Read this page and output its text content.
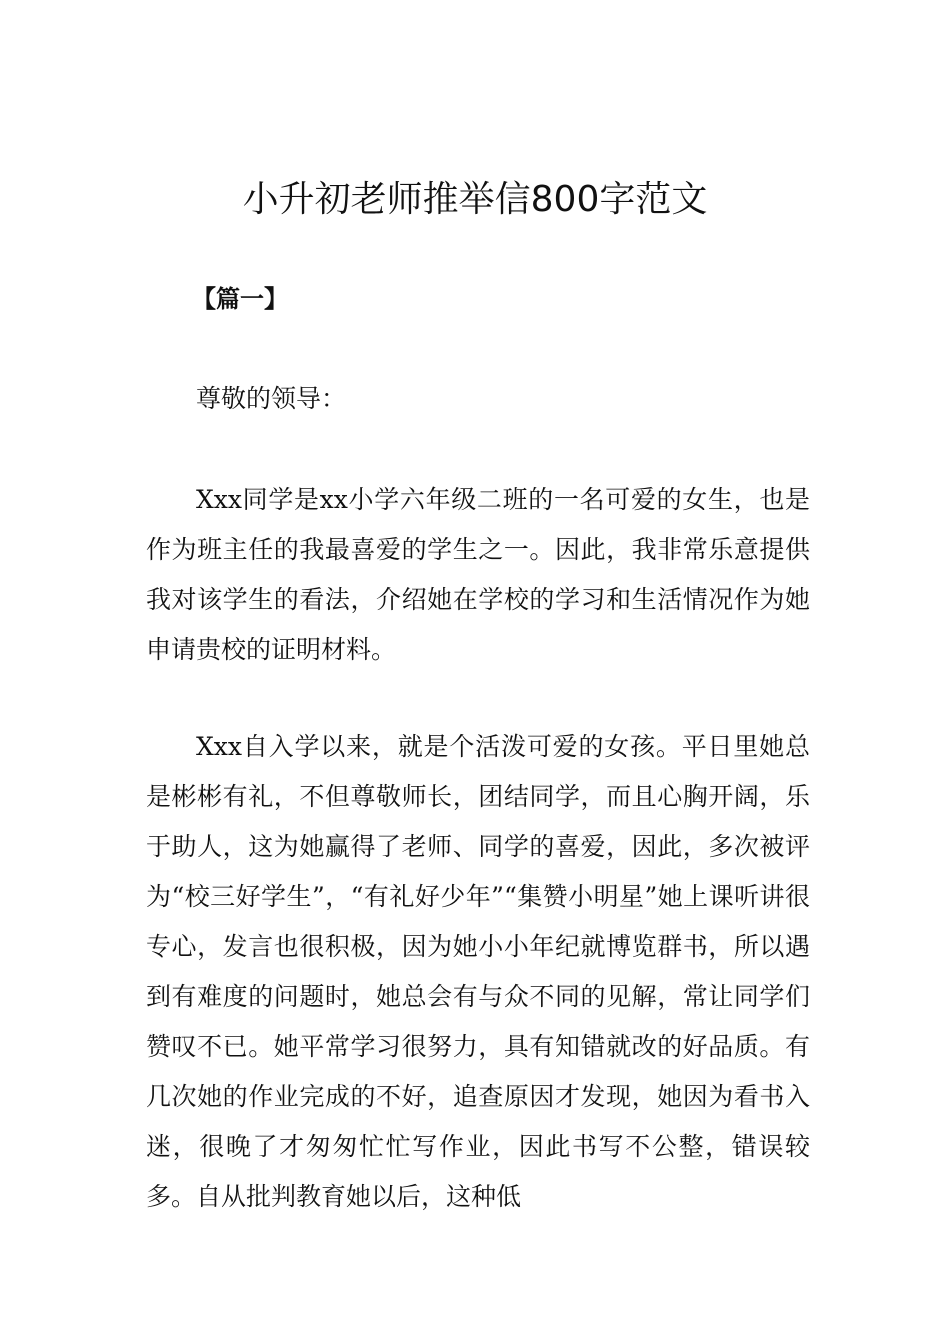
小升初老师推举信800字范文
【篇一】
尊敬的领导：

Xxx同学是xx小学六年级二班的一名可爱的女生，也是作为班主任的我最喜爱的学生之一。因此，我非常乐意提供我对该学生的看法，介绍她在学校的学习和生活情况作为她申请贵校的证明材料。

Xxx自入学以来，就是个活泼可爱的女孩。平日里她总是彬彬有礼，不但尊敬师长，团结同学，而且心胸开阔，乐于助人，这为她赢得了老师、同学的喜爱，因此，多次被评为“校三好学生”，“有礼好少年”“集赞小明星”她上课听讲很专心，发言也很积极，因为她小小年纪就博览群书，所以遇到有难度的问题时，她总会有与众不同的见解，常让同学们赞叹不已。她平常学习很努力，具有知错就改的好品质。有几次她的作业完成的不好，追查原因才发现，她因为看书入迷，很晚了才匆匆忙忙写作业，因此书写不公整，错误较多。自从批判教育她以后，这种低
